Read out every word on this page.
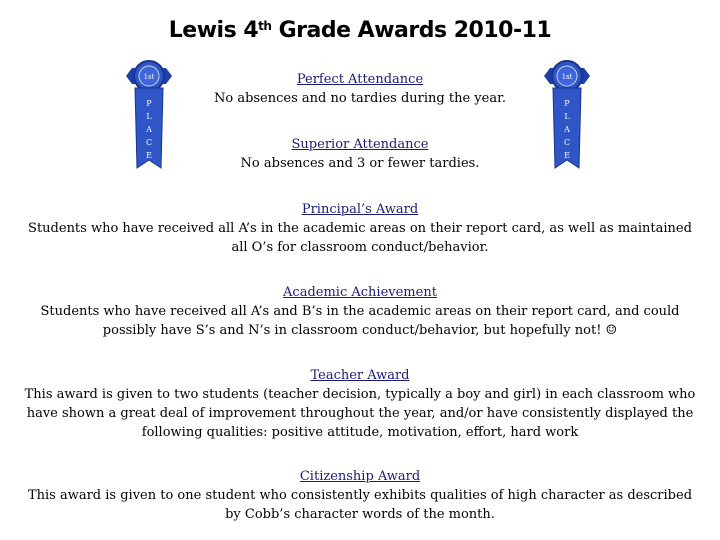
Lewis 4th Grade Awards 2010-11
1st
P
L
A
C
E
1st
P
L
A
C
E
Perfect Attendance
No absences and no tardies during the year.
Superior Attendance
No absences and 3 or fewer tardies.
Principal’s Award
Students who have received all A’s in the academic areas on their report card, as well as maintained all O’s for classroom conduct/behavior.
Academic Achievement
Students who have received all A’s and B’s in the academic areas on their report card, and could possibly have S’s and N’s in classroom conduct/behavior, but hopefully not! ☺
Teacher Award
This award is given to two students (teacher decision, typically a boy and girl) in each classroom who have shown a great deal of improvement throughout the year, and/or have consistently displayed the following qualities: positive attitude, motivation, effort, hard work
Citizenship Award
This award is given to one student who consistently exhibits qualities of high character as described by Cobb’s character words of the month.
